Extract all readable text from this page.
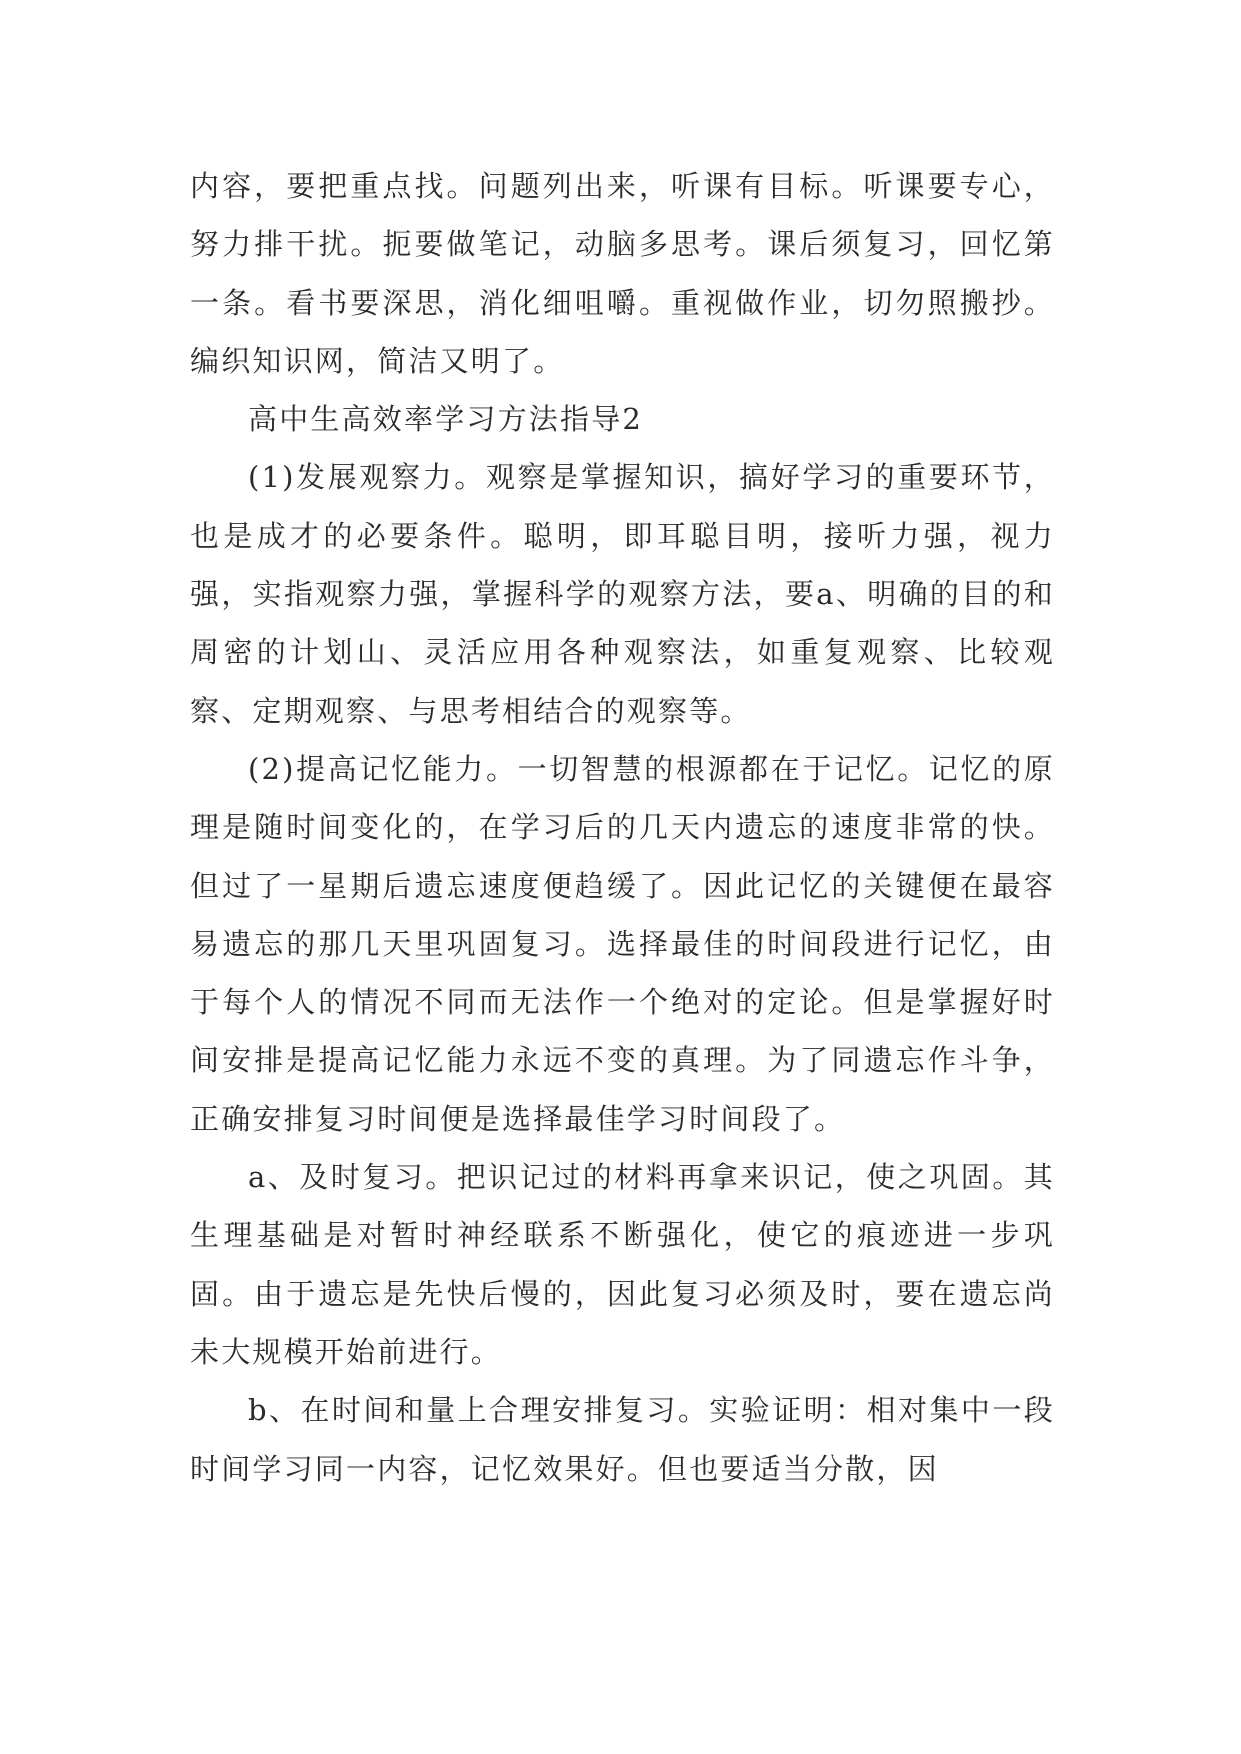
内容，要把重点找。问题列出来，听课有目标。听课要专心，努力排干扰。扼要做笔记，动脑多思考。课后须复习，回忆第一条。看书要深思，消化细咀嚼。重视做作业，切勿照搬抄。编织知识网，简洁又明了。

高中生高效率学习方法指导2

(1)发展观察力。观察是掌握知识，搞好学习的重要环节，也是成才的必要条件。聪明，即耳聪目明，接听力强，视力强，实指观察力强，掌握科学的观察方法，要a、明确的目的和周密的计划山、灵活应用各种观察法，如重复观察、比较观察、定期观察、与思考相结合的观察等。

(2)提高记忆能力。一切智慧的根源都在于记忆。记忆的原理是随时间变化的，在学习后的几天内遗忘的速度非常的快。但过了一星期后遗忘速度便趋缓了。因此记忆的关键便在最容易遗忘的那几天里巩固复习。选择最佳的时间段进行记忆，由于每个人的情况不同而无法作一个绝对的定论。但是掌握好时间安排是提高记忆能力永远不变的真理。为了同遗忘作斗争，正确安排复习时间便是选择最佳学习时间段了。

a、及时复习。把识记过的材料再拿来识记，使之巩固。其生理基础是对暂时神经联系不断强化，使它的痕迹进一步巩固。由于遗忘是先快后慢的，因此复习必须及时，要在遗忘尚未大规模开始前进行。

b、在时间和量上合理安排复习。实验证明：相对集中一段时间学习同一内容，记忆效果好。但也要适当分散，因
